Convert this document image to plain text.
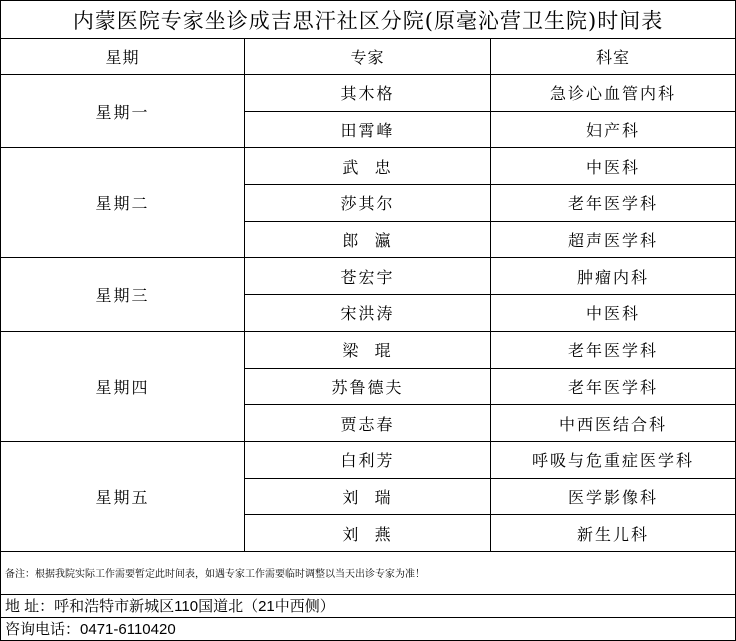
内蒙医院专家坐诊成吉思汗社区分院(原毫沁营卫生院)时间表		
星期	专家	科室
星期一	其木格	急诊心血管内科
	田霄峰	妇产科
星期二	武  忠	中医科
	莎其尔	老年医学科
	郎  瀛	超声医学科
星期三	苍宏宇	肿瘤内科
	宋洪涛	中医科
星期四	梁  琨	老年医学科
	苏鲁德夫	老年医学科
	贾志春	中西医结合科
星期五	白利芳	呼吸与危重症医学科
	刘  瑞	医学影像科
	刘  燕	新生儿科
备注：根据我院实际工作需要暂定此时间表，如遇专家工作需要临时调整以当天出诊专家为准！		
地 址：呼和浩特市新城区110国道北（21中西侧）		
咨询电话：0471-6110420		
